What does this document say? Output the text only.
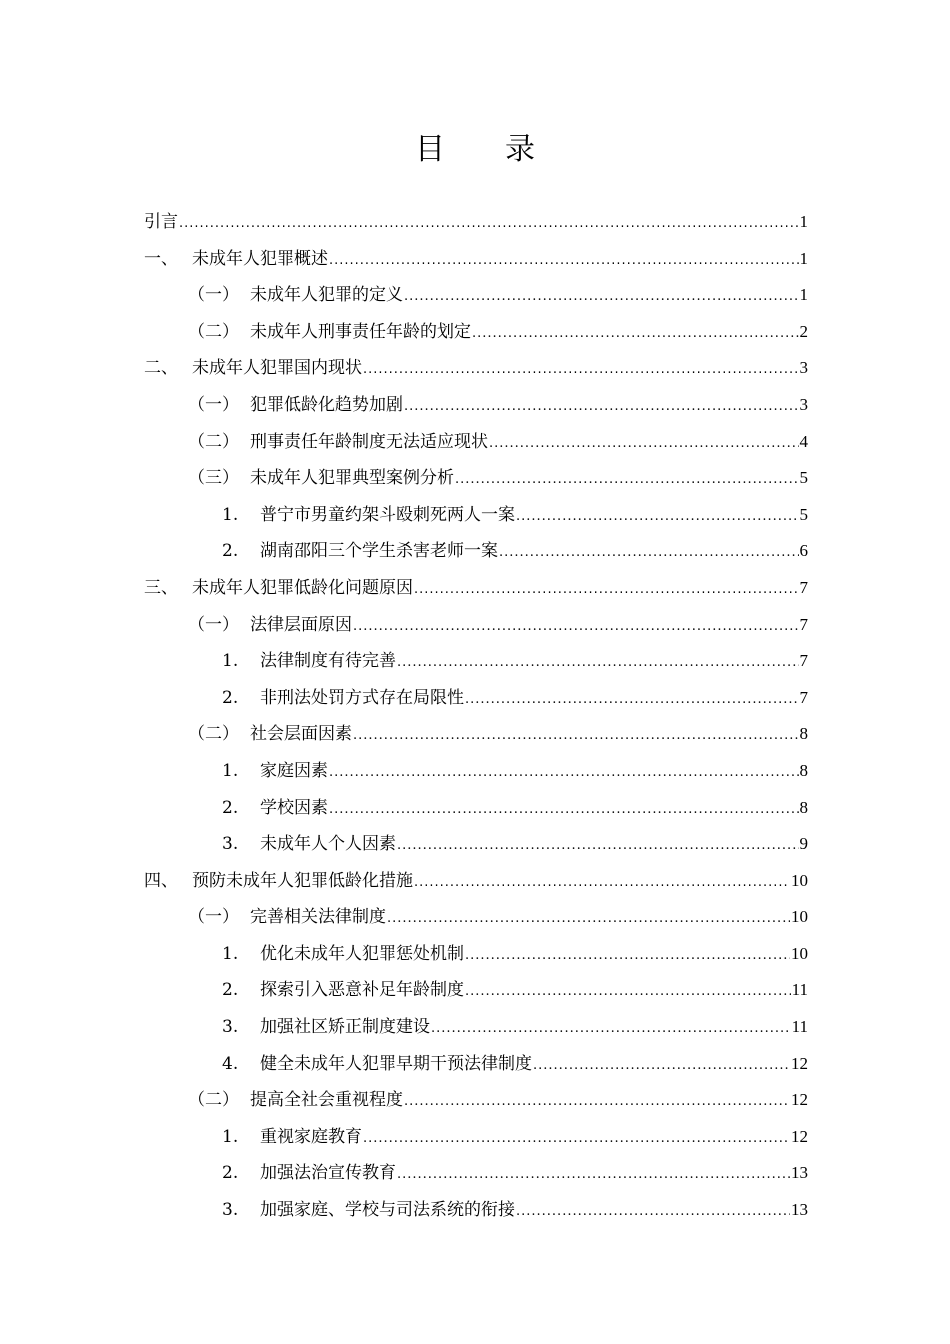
目　　录
引言 .....	1
一、 未成年人犯罪概述 .....	1
（一） 未成年人犯罪的定义 .....	1
（二） 未成年人刑事责任年龄的划定 .....	2
二、 未成年人犯罪国内现状 .....	3
（一） 犯罪低龄化趋势加剧 .....	3
（二） 刑事责任年龄制度无法适应现状 .....	4
（三） 未成年人犯罪典型案例分析 .....	5
1.	普宁市男童约架斗殴刺死两人一案 .....	5
2.	湖南邵阳三个学生杀害老师一案 .....	6
三、 未成年人犯罪低龄化问题原因 .....	7
（一） 法律层面原因 .....	7
1.	法律制度有待完善 .....	7
2.	非刑法处罚方式存在局限性 .....	7
（二） 社会层面因素 .....	8
1.	家庭因素 .....	8
2.	学校因素 .....	8
3.	未成年人个人因素 .....	9
四、 预防未成年人犯罪低龄化措施 .....	10
（一） 完善相关法律制度 .....	10
1.	优化未成年人犯罪惩处机制 .....	10
2.	探索引入恶意补足年龄制度 .....	11
3.	加强社区矫正制度建设 .....	11
4.	健全未成年人犯罪早期干预法律制度 .....	12
（二） 提高全社会重视程度 .....	12
1.	重视家庭教育 .....	12
2.	加强法治宣传教育 .....	13
3.	加强家庭、学校与司法系统的衔接 .....	13
